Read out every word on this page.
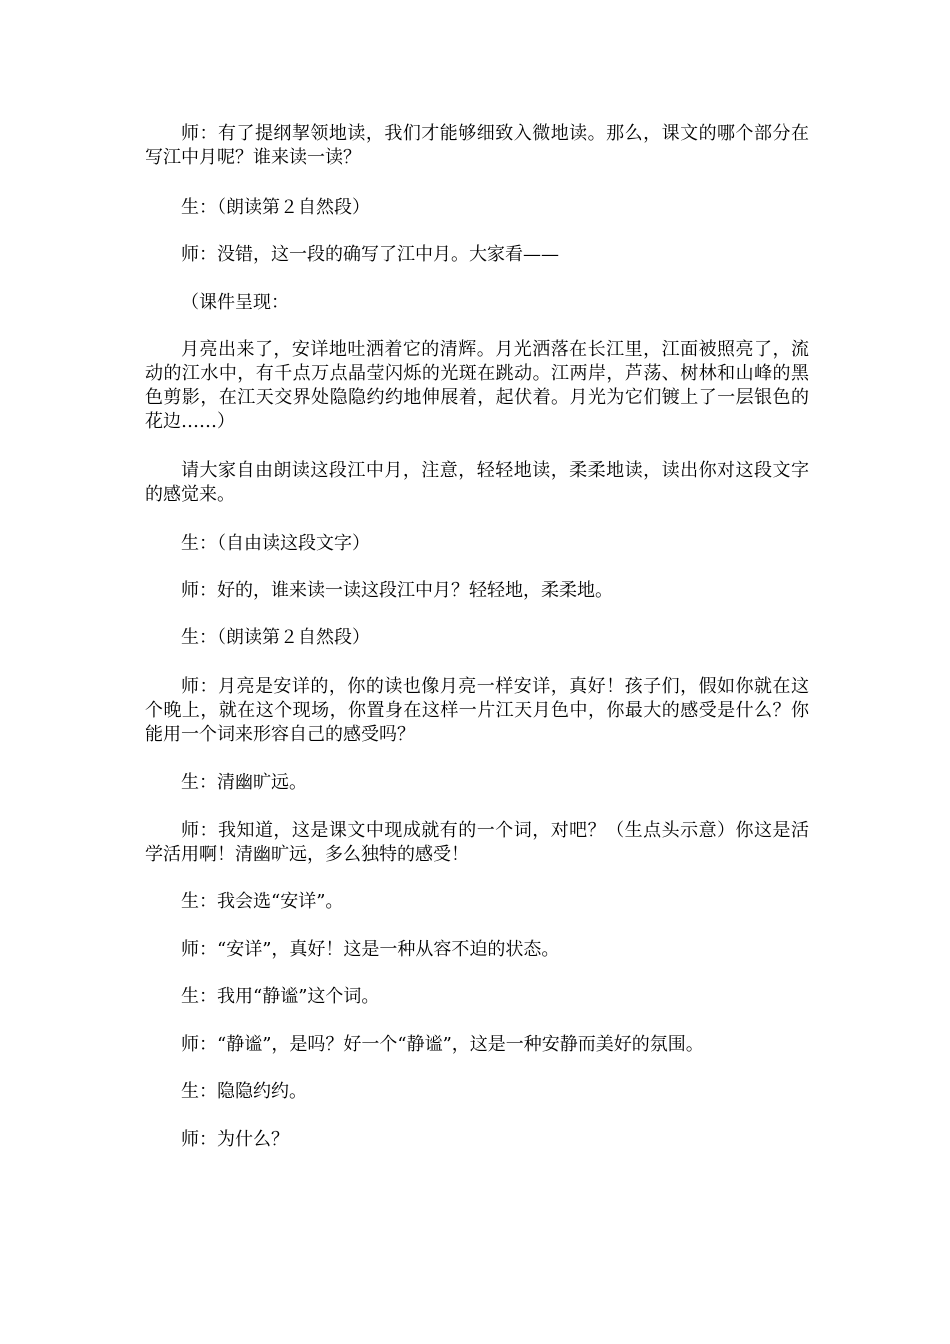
师：有了提纲挈领地读，我们才能够细致入微地读。那么，课文的哪个部分在写江中月呢？谁来读一读？

生：（朗读第２自然段）

师：没错，这一段的确写了江中月。大家看——

（课件呈现：

月亮出来了，安详地吐洒着它的清辉。月光洒落在长江里，江面被照亮了，流动的江水中，有千点万点晶莹闪烁的光斑在跳动。江两岸，芦荡、树林和山峰的黑色剪影，在江天交界处隐隐约约地伸展着，起伏着。月光为它们镀上了一层银色的花边……）

请大家自由朗读这段江中月，注意，轻轻地读，柔柔地读，读出你对这段文字的感觉来。

生：（自由读这段文字）

师：好的，谁来读一读这段江中月？轻轻地，柔柔地。

生：（朗读第２自然段）

师：月亮是安详的，你的读也像月亮一样安详，真好！孩子们，假如你就在这个晚上，就在这个现场，你置身在这样一片江天月色中，你最大的感受是什么？你能用一个词来形容自己的感受吗？

生：清幽旷远。

师：我知道，这是课文中现成就有的一个词，对吧？（生点头示意）你这是活学活用啊！清幽旷远，多么独特的感受！

生：我会选“安详”。

师：“安详”，真好！这是一种从容不迫的状态。

生：我用“静谧”这个词。

师：“静谧”，是吗？好一个“静谧”，这是一种安静而美好的氛围。

生：隐隐约约。

师：为什么？
